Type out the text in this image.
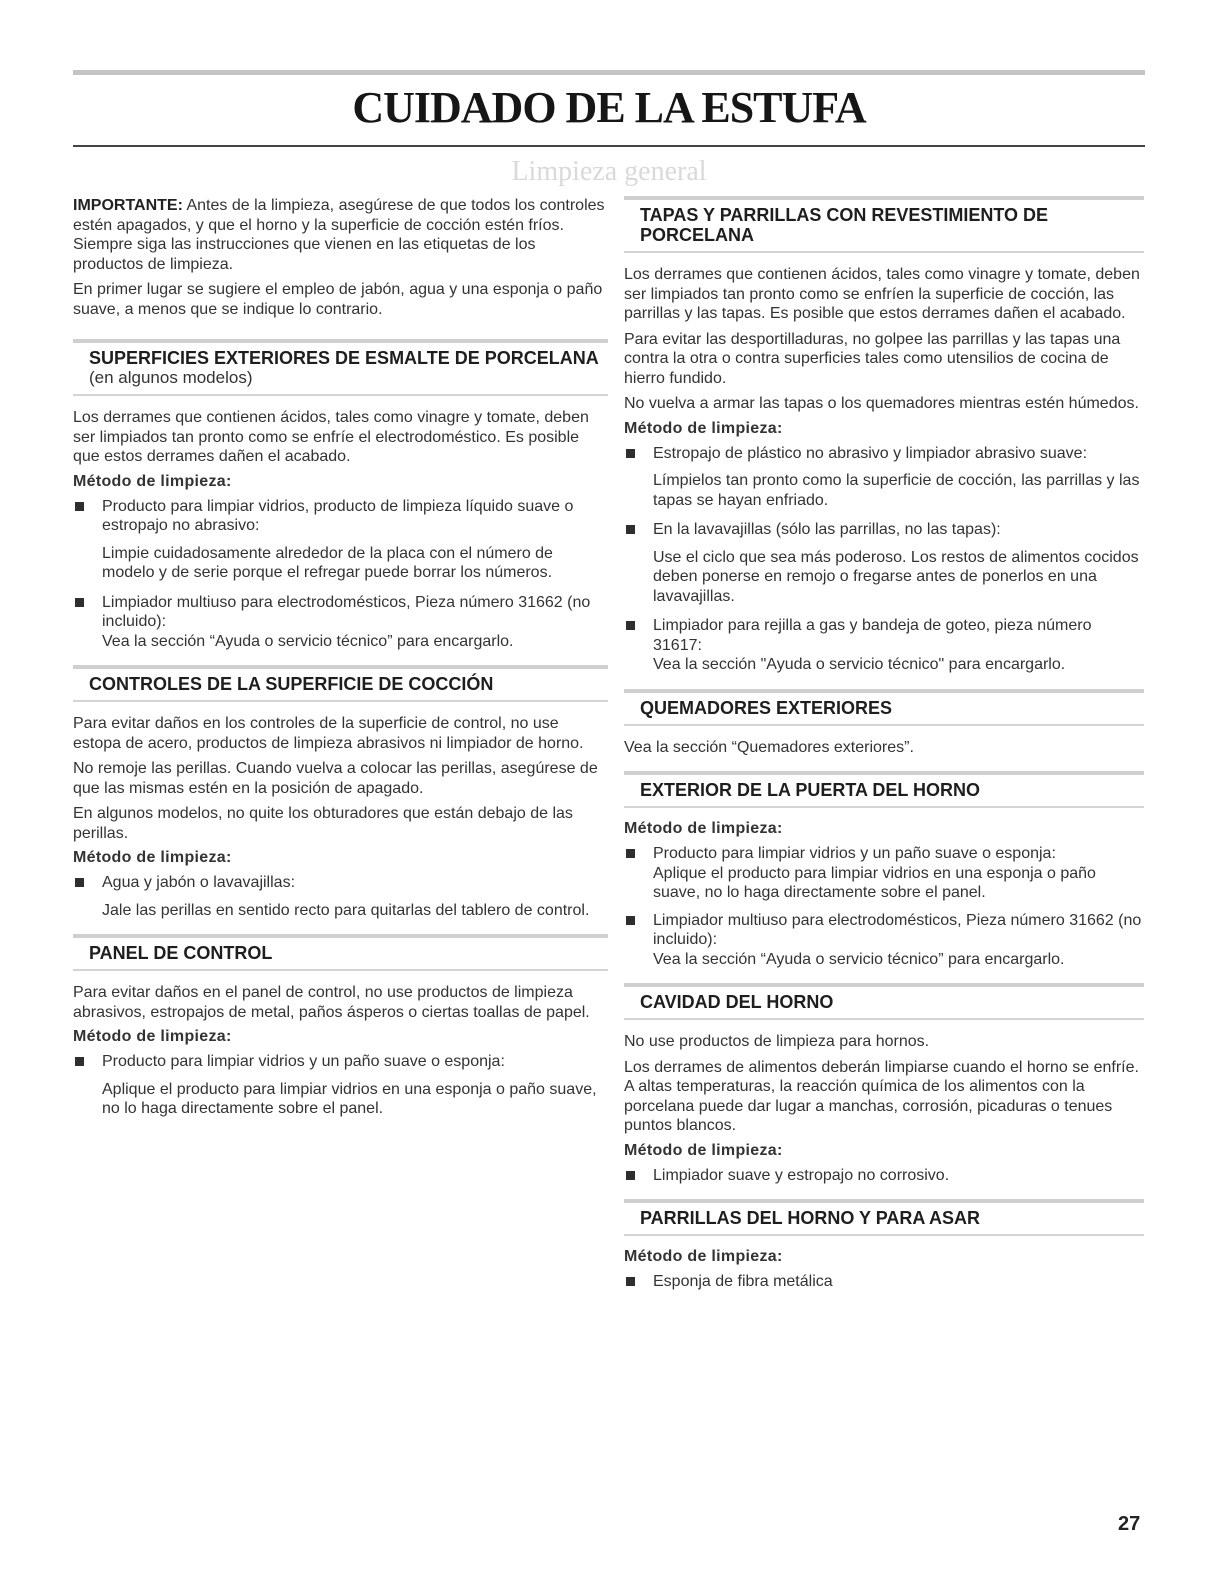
CUIDADO DE LA ESTUFA
Limpieza general

IMPORTANTE: Antes de la limpieza, asegúrese de que todos los controles estén apagados, y que el horno y la superficie de cocción estén fríos. Siempre siga las instrucciones que vienen en las etiquetas de los productos de limpieza.

En primer lugar se sugiere el empleo de jabón, agua y una esponja o paño suave, a menos que se indique lo contrario.

SUPERFICIES EXTERIORES DE ESMALTE DE PORCELANA
(en algunos modelos)

Los derrames que contienen ácidos, tales como vinagre y tomate, deben ser limpiados tan pronto como se enfríe el electrodoméstico. Es posible que estos derrames dañen el acabado.

Método de limpieza:

Producto para limpiar vidrios, producto de limpieza líquido suave o estropajo no abrasivo:

Limpie cuidadosamente alrededor de la placa con el número de modelo y de serie porque el refregar puede borrar los números.

Limpiador multiuso para electrodomésticos, Pieza número 31662 (no incluido):

Vea la sección “Ayuda o servicio técnico” para encargarlo.

CONTROLES DE LA SUPERFICIE DE COCCIÓN

Para evitar daños en los controles de la superficie de control, no use estopa de acero, productos de limpieza abrasivos ni limpiador de horno.

No remoje las perillas. Cuando vuelva a colocar las perillas, asegúrese de que las mismas estén en la posición de apagado.

En algunos modelos, no quite los obturadores que están debajo de las perillas.

Método de limpieza:

Agua y jabón o lavavajillas:

Jale las perillas en sentido recto para quitarlas del tablero de control.

PANEL DE CONTROL

Para evitar daños en el panel de control, no use productos de limpieza abrasivos, estropajos de metal, paños ásperos o ciertas toallas de papel.

Método de limpieza:

Producto para limpiar vidrios y un paño suave o esponja:

Aplique el producto para limpiar vidrios en una esponja o paño suave, no lo haga directamente sobre el panel.

TAPAS Y PARRILLAS CON REVESTIMIENTO DE PORCELANA

Los derrames que contienen ácidos, tales como vinagre y tomate, deben ser limpiados tan pronto como se enfríen la superficie de cocción, las parrillas y las tapas. Es posible que estos derrames dañen el acabado.

Para evitar las desportilladuras, no golpee las parrillas y las tapas una contra la otra o contra superficies tales como utensilios de cocina de hierro fundido.

No vuelva a armar las tapas o los quemadores mientras estén húmedos.

Método de limpieza:

Estropajo de plástico no abrasivo y limpiador abrasivo suave:

Límpielos tan pronto como la superficie de cocción, las parrillas y las tapas se hayan enfriado.

En la lavavajillas (sólo las parrillas, no las tapas):

Use el ciclo que sea más poderoso. Los restos de alimentos cocidos deben ponerse en remojo o fregarse antes de ponerlos en una lavavajillas.

Limpiador para rejilla a gas y bandeja de goteo, pieza número 31617:

Vea la sección "Ayuda o servicio técnico" para encargarlo.

QUEMADORES EXTERIORES

Vea la sección “Quemadores exteriores”.

EXTERIOR DE LA PUERTA DEL HORNO
Método de limpieza:

Producto para limpiar vidrios y un paño suave o esponja:

Aplique el producto para limpiar vidrios en una esponja o paño suave, no lo haga directamente sobre el panel.

Limpiador multiuso para electrodomésticos, Pieza número 31662 (no incluido):

Vea la sección “Ayuda o servicio técnico” para encargarlo.

CAVIDAD DEL HORNO

No use productos de limpieza para hornos.

Los derrames de alimentos deberán limpiarse cuando el horno se enfríe. A altas temperaturas, la reacción química de los alimentos con la porcelana puede dar lugar a manchas, corrosión, picaduras o tenues puntos blancos.

Método de limpieza:

Limpiador suave y estropajo no corrosivo.

PARRILLAS DEL HORNO Y PARA ASAR
Método de limpieza:

Esponja de fibra metálica

27
